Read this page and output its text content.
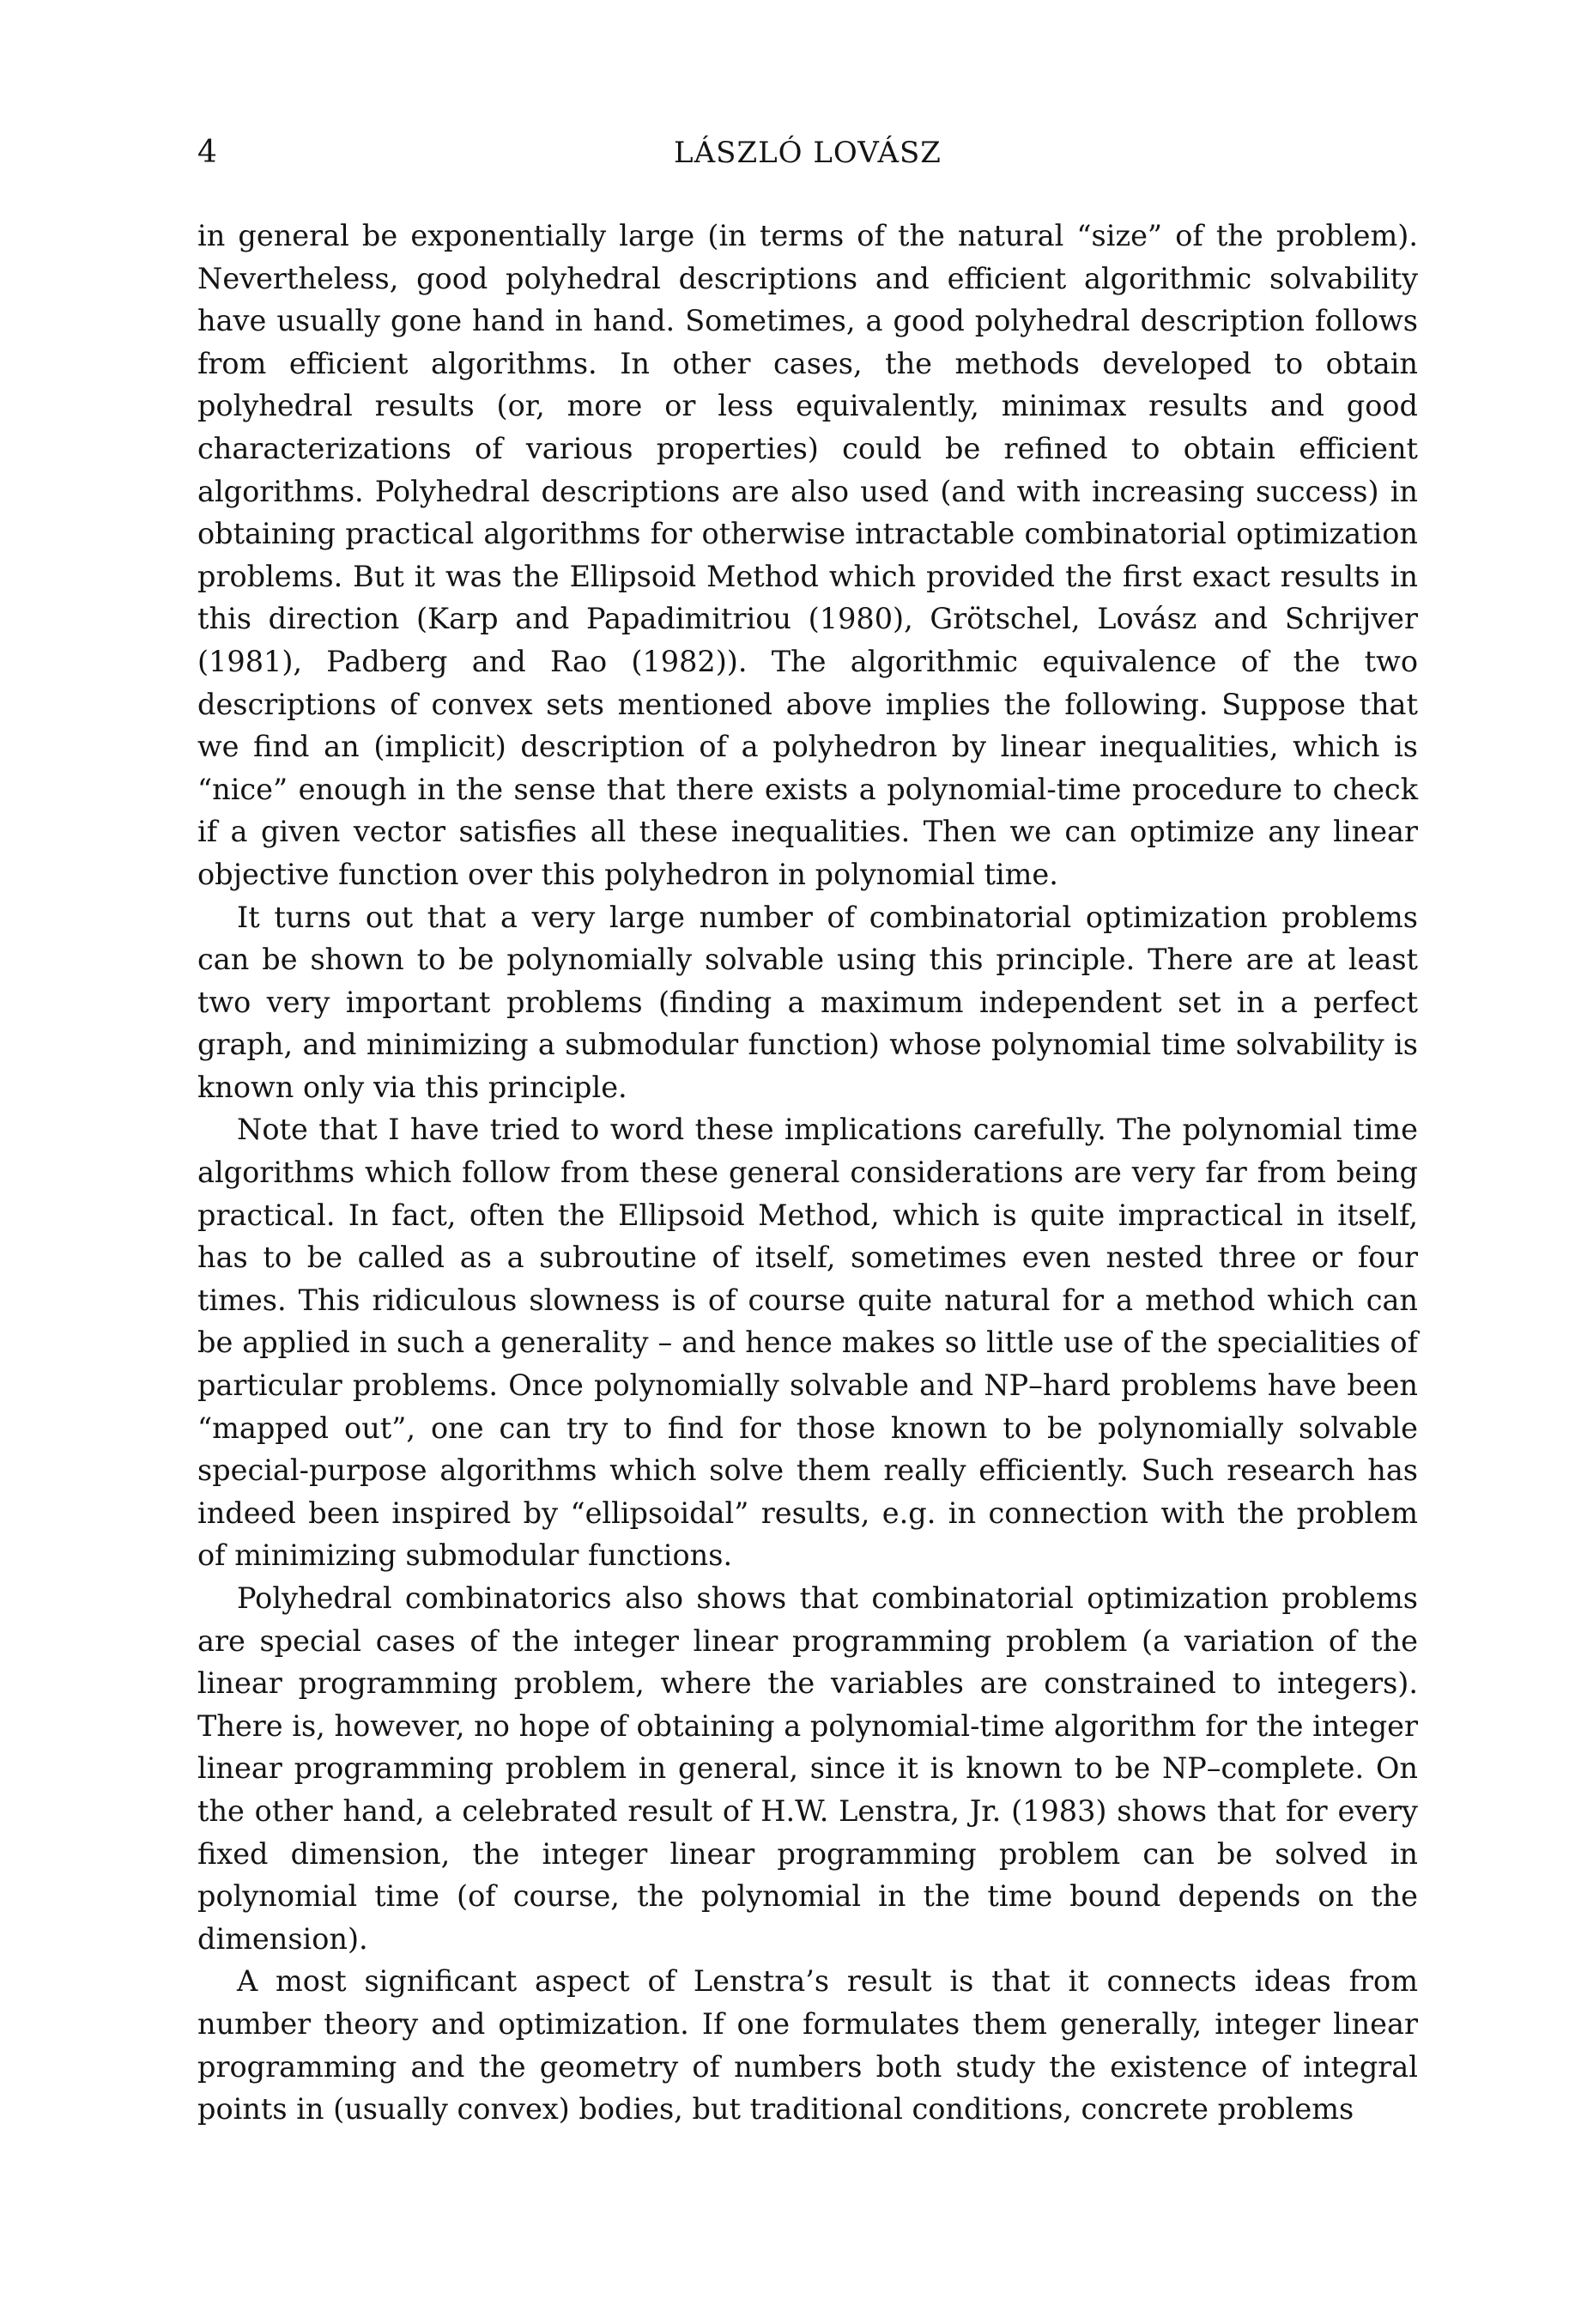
4	LÁSZLÓ LOVÁSZ

in general be exponentially large (in terms of the natural “size” of the problem). Nevertheless, good polyhedral descriptions and efficient algorithmic solvability have usually gone hand in hand. Sometimes, a good polyhedral description follows from efficient algorithms. In other cases, the methods developed to obtain polyhedral results (or, more or less equivalently, minimax results and good characterizations of various properties) could be refined to obtain efficient algorithms. Polyhedral descriptions are also used (and with increasing success) in obtaining practical algorithms for otherwise intractable combinatorial optimization problems. But it was the Ellipsoid Method which provided the first exact results in this direction (Karp and Papadimitriou (1980), Grötschel, Lovász and Schrijver (1981), Padberg and Rao (1982)). The algorithmic equivalence of the two descriptions of convex sets mentioned above implies the following. Suppose that we find an (implicit) description of a polyhedron by linear inequalities, which is “nice” enough in the sense that there exists a polynomial-time procedure to check if a given vector satisfies all these inequalities. Then we can optimize any linear objective function over this polyhedron in polynomial time.

It turns out that a very large number of combinatorial optimization problems can be shown to be polynomially solvable using this principle. There are at least two very important problems (finding a maximum independent set in a perfect graph, and minimizing a submodular function) whose polynomial time solvability is known only via this principle.

Note that I have tried to word these implications carefully. The polynomial time algorithms which follow from these general considerations are very far from being practical. In fact, often the Ellipsoid Method, which is quite impractical in itself, has to be called as a subroutine of itself, sometimes even nested three or four times. This ridiculous slowness is of course quite natural for a method which can be applied in such a generality – and hence makes so little use of the specialities of particular problems. Once polynomially solvable and NP–hard problems have been “mapped out”, one can try to find for those known to be polynomially solvable special-purpose algorithms which solve them really efficiently. Such research has indeed been inspired by “ellipsoidal” results, e.g. in connection with the problem of minimizing submodular functions.

Polyhedral combinatorics also shows that combinatorial optimization problems are special cases of the integer linear programming problem (a variation of the linear programming problem, where the variables are constrained to integers). There is, however, no hope of obtaining a polynomial-time algorithm for the integer linear programming problem in general, since it is known to be NP–complete. On the other hand, a celebrated result of H.W. Lenstra, Jr. (1983) shows that for every fixed dimension, the integer linear programming problem can be solved in polynomial time (of course, the polynomial in the time bound depends on the dimension).

A most significant aspect of Lenstra’s result is that it connects ideas from number theory and optimization. If one formulates them generally, integer linear programming and the geometry of numbers both study the existence of integral points in (usually convex) bodies, but traditional conditions, concrete problems
